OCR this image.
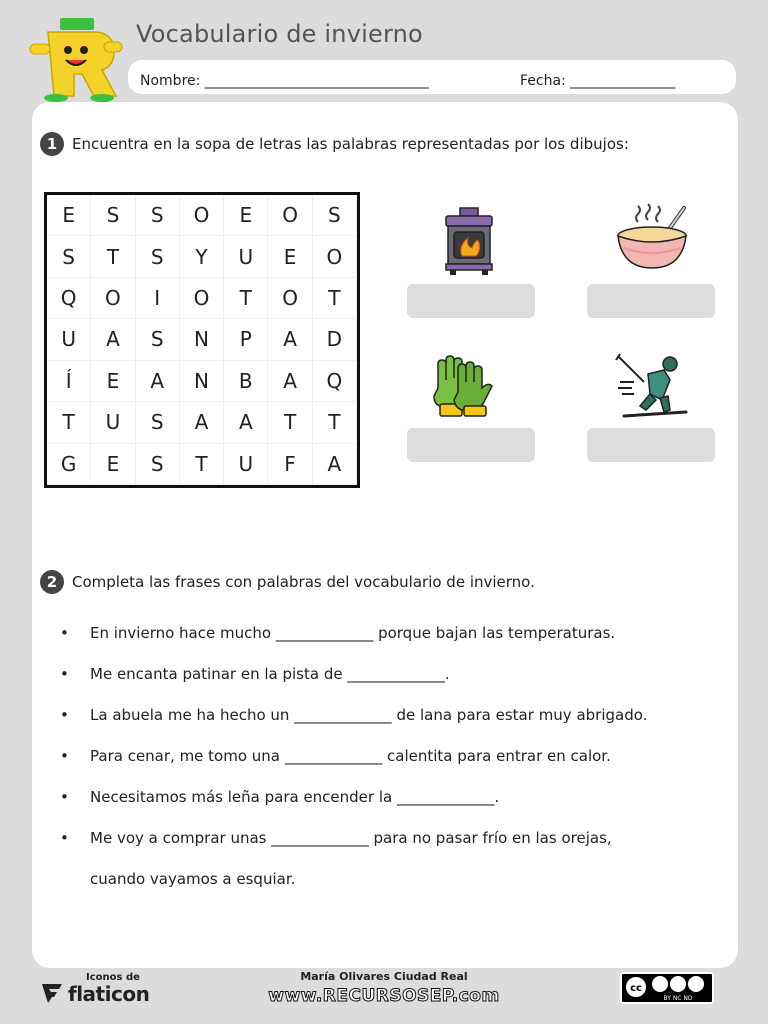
Vocabulario de invierno
Nombre: ________________________________	Fecha: _______________
1 Encuentra en la sopa de letras las palabras representadas por los dibujos:
E	S	S	O	E	O	S
S	T	S	Y	U	E	O
Q	O	I	O	T	O	T
U	A	S	N	P	A	D
Í	E	A	N	B	A	Q
T	U	S	A	A	T	T
G	E	S	T	U	F	A
2 Completa las frases con palabras del vocabulario de invierno.
•	En invierno hace mucho _____________ porque bajan las temperaturas.
•	Me encanta patinar en la pista de _____________.
•	La abuela me ha hecho un _____________ de lana para estar muy abrigado.
•	Para cenar, me tomo una _____________ calentita para entrar en calor.
•	Necesitamos más leña para encender la _____________.
•	Me voy a comprar unas _____________ para no pasar frío en las orejas,
cuando vayamos a esquiar.
Iconos de
flaticon
María Olivares Ciudad Real
www.RECURSOSEP.com	cc
BY NC ND
